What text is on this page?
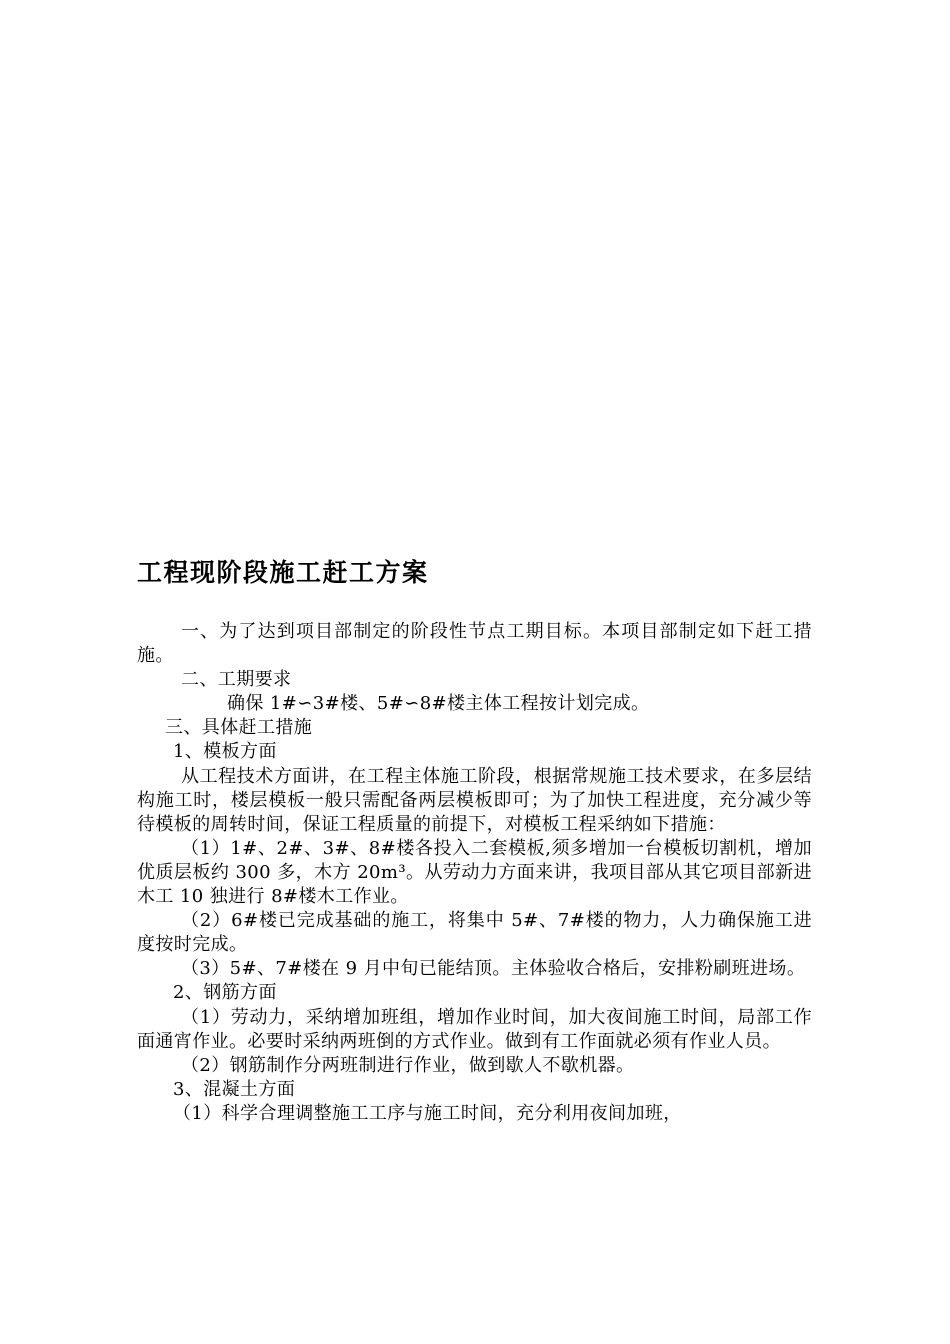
工程现阶段施工赶工方案

一、为了达到项目部制定的阶段性节点工期目标。本项目部制定如下赶工措施。

二、工期要求

确保 1#∽3#楼、5#∽8#楼主体工程按计划完成。

三、具体赶工措施

1、模板方面

从工程技术方面讲，在工程主体施工阶段，根据常规施工技术要求，在多层结构施工时，楼层模板一般只需配备两层模板即可；为了加快工程进度，充分减少等待模板的周转时间，保证工程质量的前提下，对模板工程采纳如下措施：

（1）1#、2#、3#、8#楼各投入二套模板,须多增加一台模板切割机，增加优质层板约 300 多，木方 20m³。从劳动力方面来讲，我项目部从其它项目部新进木工 10 独进行 8#楼木工作业。

（2）6#楼已完成基础的施工，将集中 5#、7#楼的物力，人力确保施工进度按时完成。

（3）5#、7#楼在 9 月中旬已能结顶。主体验收合格后，安排粉刷班进场。

2、钢筋方面

（1）劳动力，采纳增加班组，增加作业时间，加大夜间施工时间，局部工作面通宵作业。必要时采纳两班倒的方式作业。做到有工作面就必须有作业人员。

（2）钢筋制作分两班制进行作业，做到歇人不歇机器。

3、混凝土方面

（1）科学合理调整施工工序与施工时间，充分利用夜间加班，
